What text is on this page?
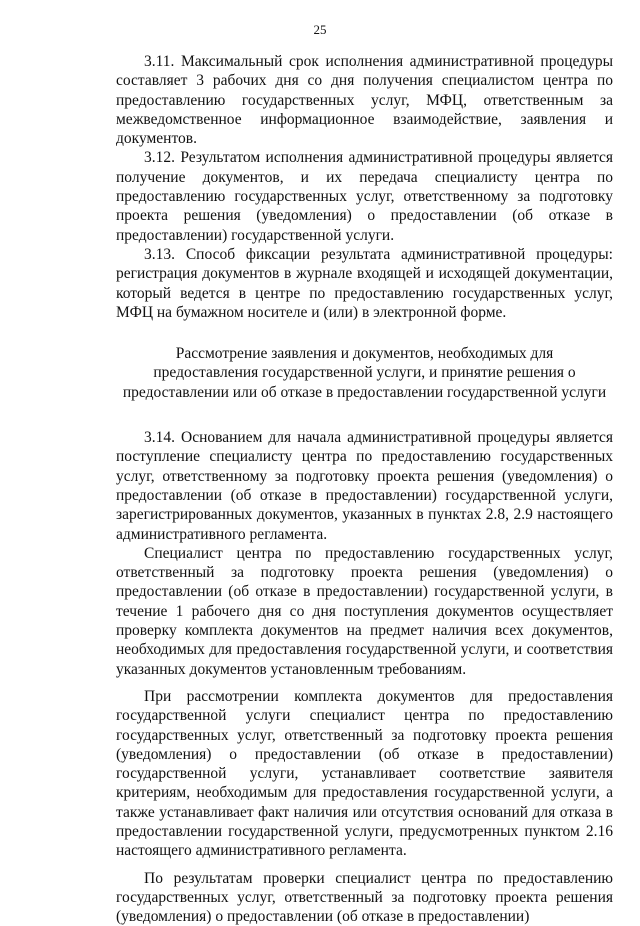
25

3.11. Максимальный срок исполнения административной процедуры составляет 3 рабочих дня со дня получения специалистом центра по предоставлению государственных услуг, МФЦ, ответственным за межведомственное информационное взаимодействие, заявления и документов.

3.12. Результатом исполнения административной процедуры является получение документов, и их передача специалисту центра по предоставлению государственных услуг, ответственному за подготовку проекта решения (уведомления) о предоставлении (об отказе в предоставлении) государственной услуги.

3.13. Способ фиксации результата административной процедуры: регистрация документов в журнале входящей и исходящей документации, который ведется в центре по предоставлению государственных услуг, МФЦ на бумажном носителе и (или) в электронной форме.

Рассмотрение заявления и документов, необходимых для предоставления государственной услуги, и принятие решения о предоставлении или об отказе в предоставлении государственной услуги

3.14. Основанием для начала административной процедуры является поступление специалисту центра по предоставлению государственных услуг, ответственному за подготовку проекта решения (уведомления) о предоставлении (об отказе в предоставлении) государственной услуги, зарегистрированных документов, указанных в пунктах 2.8, 2.9 настоящего административного регламента.

Специалист центра по предоставлению государственных услуг, ответственный за подготовку проекта решения (уведомления) о предоставлении (об отказе в предоставлении) государственной услуги, в течение 1 рабочего дня со дня поступления документов осуществляет проверку комплекта документов на предмет наличия всех документов, необходимых для предоставления государственной услуги, и соответствия указанных документов установленным требованиям.

При рассмотрении комплекта документов для предоставления государственной услуги специалист центра по предоставлению государственных услуг, ответственный за подготовку проекта решения (уведомления) о предоставлении (об отказе в предоставлении) государственной услуги, устанавливает соответствие заявителя критериям, необходимым для предоставления государственной услуги, а также устанавливает факт наличия или отсутствия оснований для отказа в предоставлении государственной услуги, предусмотренных пунктом 2.16 настоящего административного регламента.

По результатам проверки специалист центра по предоставлению государственных услуг, ответственный за подготовку проекта решения (уведомления) о предоставлении (об отказе в предоставлении)
